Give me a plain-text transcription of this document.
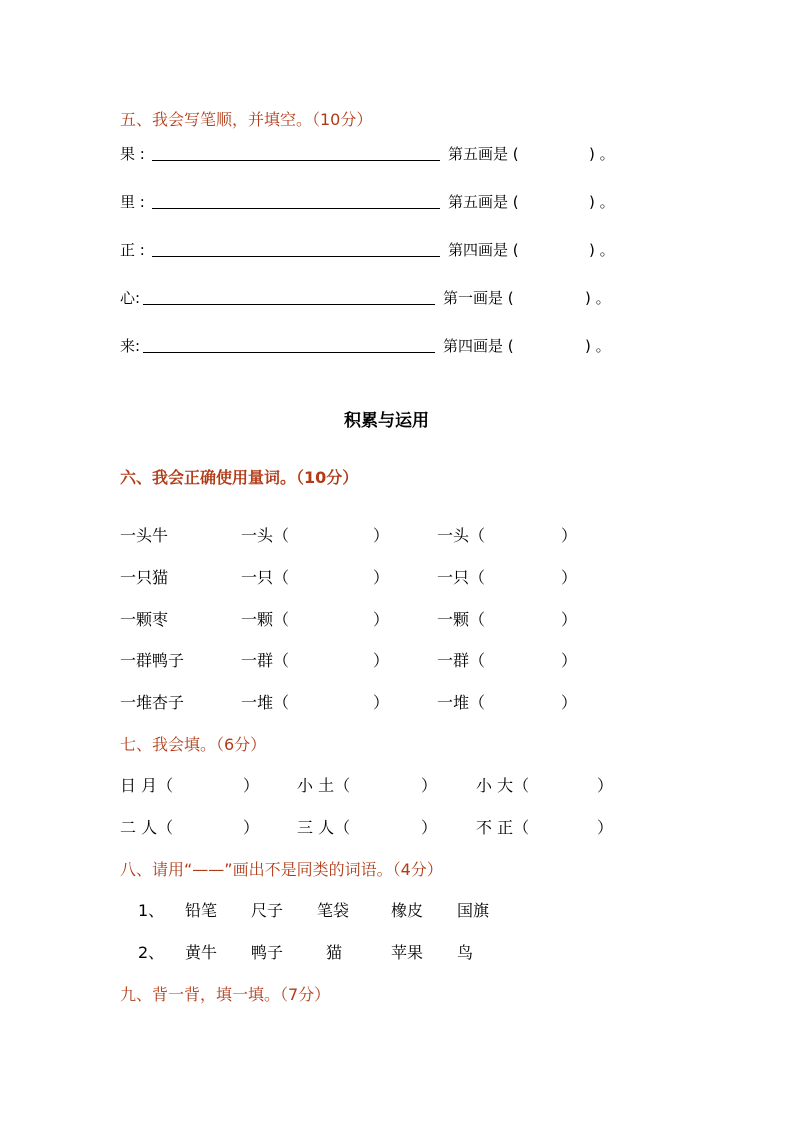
五、我会写笔顺，并填空。（10分）
果 :	第五画是 (	) 。
里 :	第五画是 (	) 。
正 :	第四画是 (	) 。
心:	第一画是 (	) 。
来:	第四画是 (	) 。
积累与运用
六、我会正确使用量词。（10分）
一头牛	一头（	）	一头（	）
一只猫	一只（	）	一只（	）
一颗枣	一颗（	）	一颗（	）
一群鸭子	一群（	）	一群（	）
一堆杏子	一堆（	）	一堆（	）
七、我会填。（6分）
日 月（	） 小 土（	） 小 大（	）
二 人（	） 三 人（	） 不 正（	）
八、请用“——”画出不是同类的词语。（4分）
1、 铅笔 尺子 笔袋	橡皮 国旗
2、 黄牛 鸭子	猫	苹果 鸟
九、背一背，填一填。（7分）
